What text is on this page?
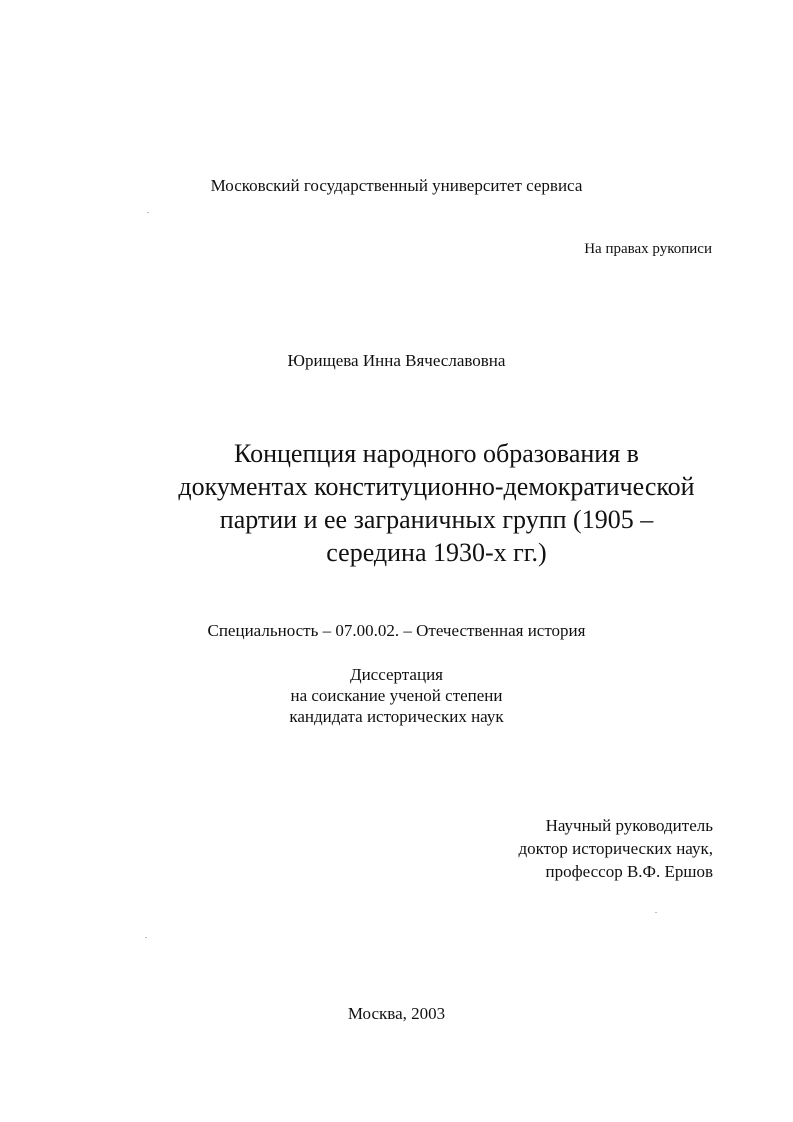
Московский государственный университет сервиса
На правах рукописи
Юрищева Инна Вячеславовна
Концепция народного образования в
документах конституционно-демократической
партии и ее заграничных групп (1905 –
середина 1930-х гг.)
Специальность – 07.00.02. – Отечественная история
Диссертация
на соискание ученой степени
кандидата исторических наук
Научный руководитель
доктор исторических наук,
профессор В.Ф. Ершов
Москва, 2003
